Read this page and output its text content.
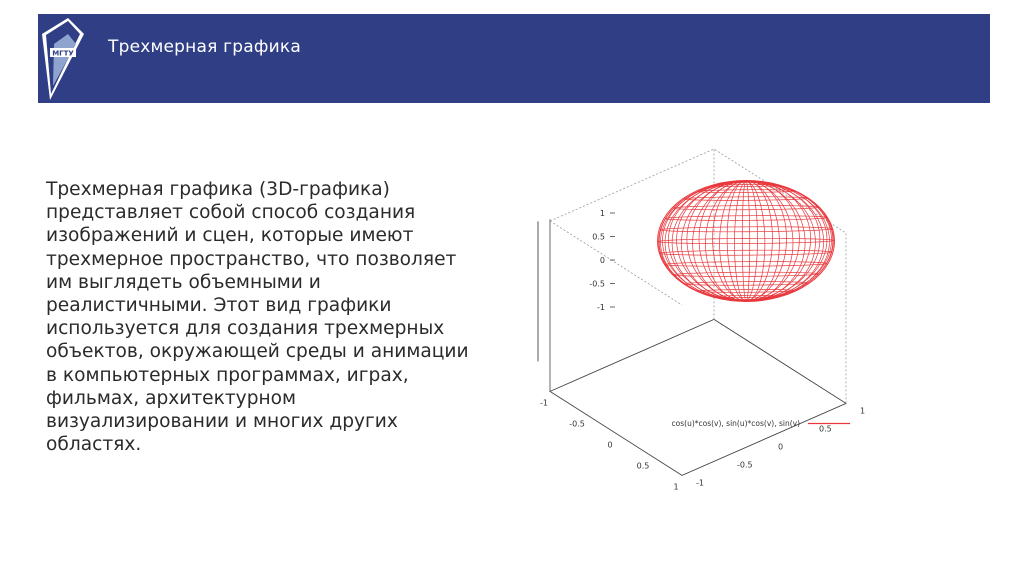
МГТУ Трехмерная графика
Трехмерная графика (3D-графика)
представляет собой способ создания
изображений и сцен, которые имеют
трехмерное пространство, что позволяет
им выглядеть объемными и
реалистичными. Этот вид графики
используется для создания трехмерных
объектов, окружающей среды и анимации
в компьютерных программах, играх,
фильмах, архитектурном
визуализировании и многих других
областях.
1
0.5
0
-0.5
-1
-1
-0.5
0
0.5
1 -1
-0.5
0
0.5
1
cos(u)*cos(v), sin(u)*cos(v), sin(v)
